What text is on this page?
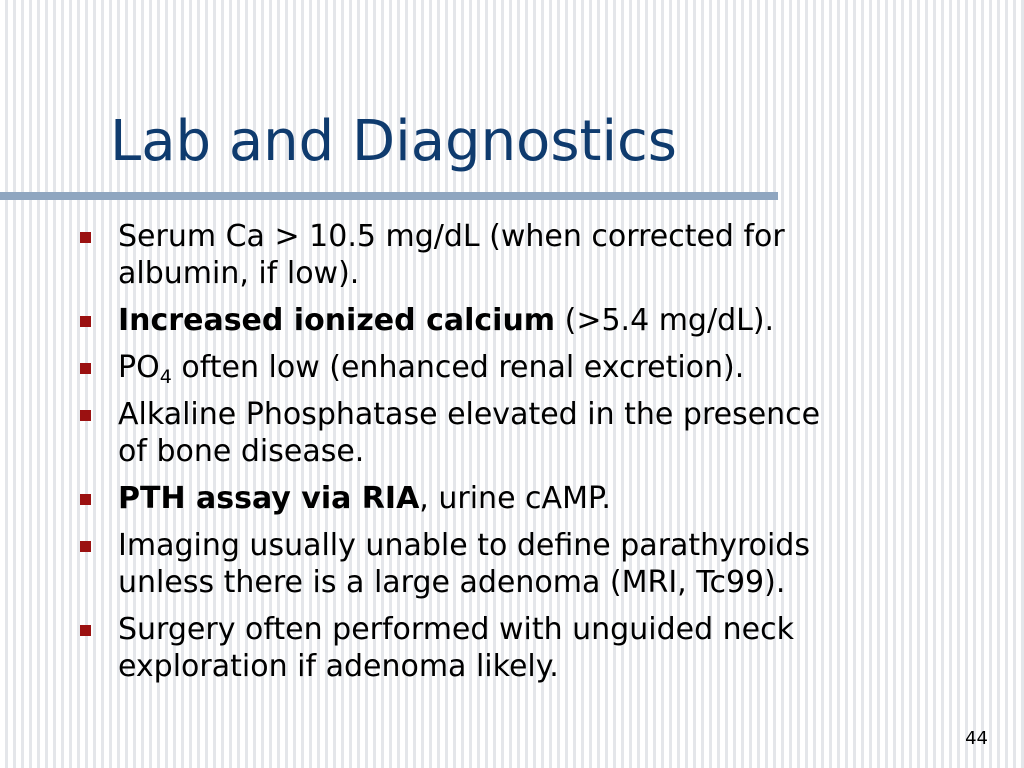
Lab and Diagnostics
Serum Ca > 10.5 mg/dL (when corrected for
albumin, if low).
Increased ionized calcium (>5.4 mg/dL).
$PO_4$ often low (enhanced renal excretion).
Alkaline Phosphatase elevated in the presence
of bone disease.
PTH assay via RIA, urine cAMP.
Imaging usually unable to define parathyroids
unless there is a large adenoma (MRI, Tc99).
Surgery often performed with unguided neck
exploration if adenoma likely.
44
